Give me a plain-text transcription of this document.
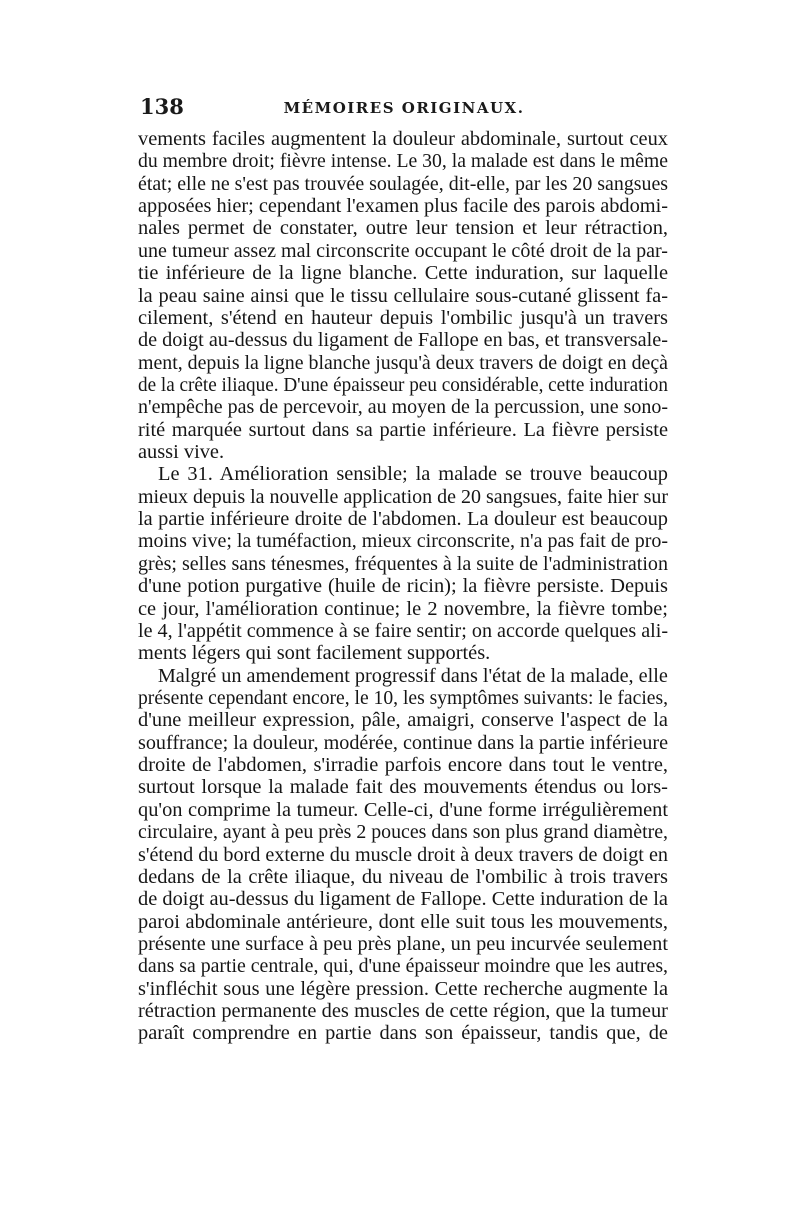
138	MÉMOIRES ORIGINAUX.
vements faciles augmentent la douleur abdominale, surtout ceux
du membre droit; fièvre intense. Le 30, la malade est dans le même
état; elle ne s'est pas trouvée soulagée, dit-elle, par les 20 sangsues
apposées hier; cependant l'examen plus facile des parois abdomi-
nales permet de constater, outre leur tension et leur rétraction,
une tumeur assez mal circonscrite occupant le côté droit de la par-
tie inférieure de la ligne blanche. Cette induration, sur laquelle
la peau saine ainsi que le tissu cellulaire sous-cutané glissent fa-
cilement, s'étend en hauteur depuis l'ombilic jusqu'à un travers
de doigt au-dessus du ligament de Fallope en bas, et transversale-
ment, depuis la ligne blanche jusqu'à deux travers de doigt en deçà
de la crête iliaque. D'une épaisseur peu considérable, cette induration
n'empêche pas de percevoir, au moyen de la percussion, une sono-
rité marquée surtout dans sa partie inférieure. La fièvre persiste
aussi vive.
Le 31. Amélioration sensible; la malade se trouve beaucoup
mieux depuis la nouvelle application de 20 sangsues, faite hier sur
la partie inférieure droite de l'abdomen. La douleur est beaucoup
moins vive; la tuméfaction, mieux circonscrite, n'a pas fait de pro-
grès; selles sans ténesmes, fréquentes à la suite de l'administration
d'une potion purgative (huile de ricin); la fièvre persiste. Depuis
ce jour, l'amélioration continue; le 2 novembre, la fièvre tombe;
le 4, l'appétit commence à se faire sentir; on accorde quelques ali-
ments légers qui sont facilement supportés.
Malgré un amendement progressif dans l'état de la malade, elle
présente cependant encore, le 10, les symptômes suivants: le facies,
d'une meilleur expression, pâle, amaigri, conserve l'aspect de la
souffrance; la douleur, modérée, continue dans la partie inférieure
droite de l'abdomen, s'irradie parfois encore dans tout le ventre,
surtout lorsque la malade fait des mouvements étendus ou lors-
qu'on comprime la tumeur. Celle-ci, d'une forme irrégulièrement
circulaire, ayant à peu près 2 pouces dans son plus grand diamètre,
s'étend du bord externe du muscle droit à deux travers de doigt en
dedans de la crête iliaque, du niveau de l'ombilic à trois travers
de doigt au-dessus du ligament de Fallope. Cette induration de la
paroi abdominale antérieure, dont elle suit tous les mouvements,
présente une surface à peu près plane, un peu incurvée seulement
dans sa partie centrale, qui, d'une épaisseur moindre que les autres,
s'infléchit sous une légère pression. Cette recherche augmente la
rétraction permanente des muscles de cette région, que la tumeur
paraît comprendre en partie dans son épaisseur, tandis que, de
